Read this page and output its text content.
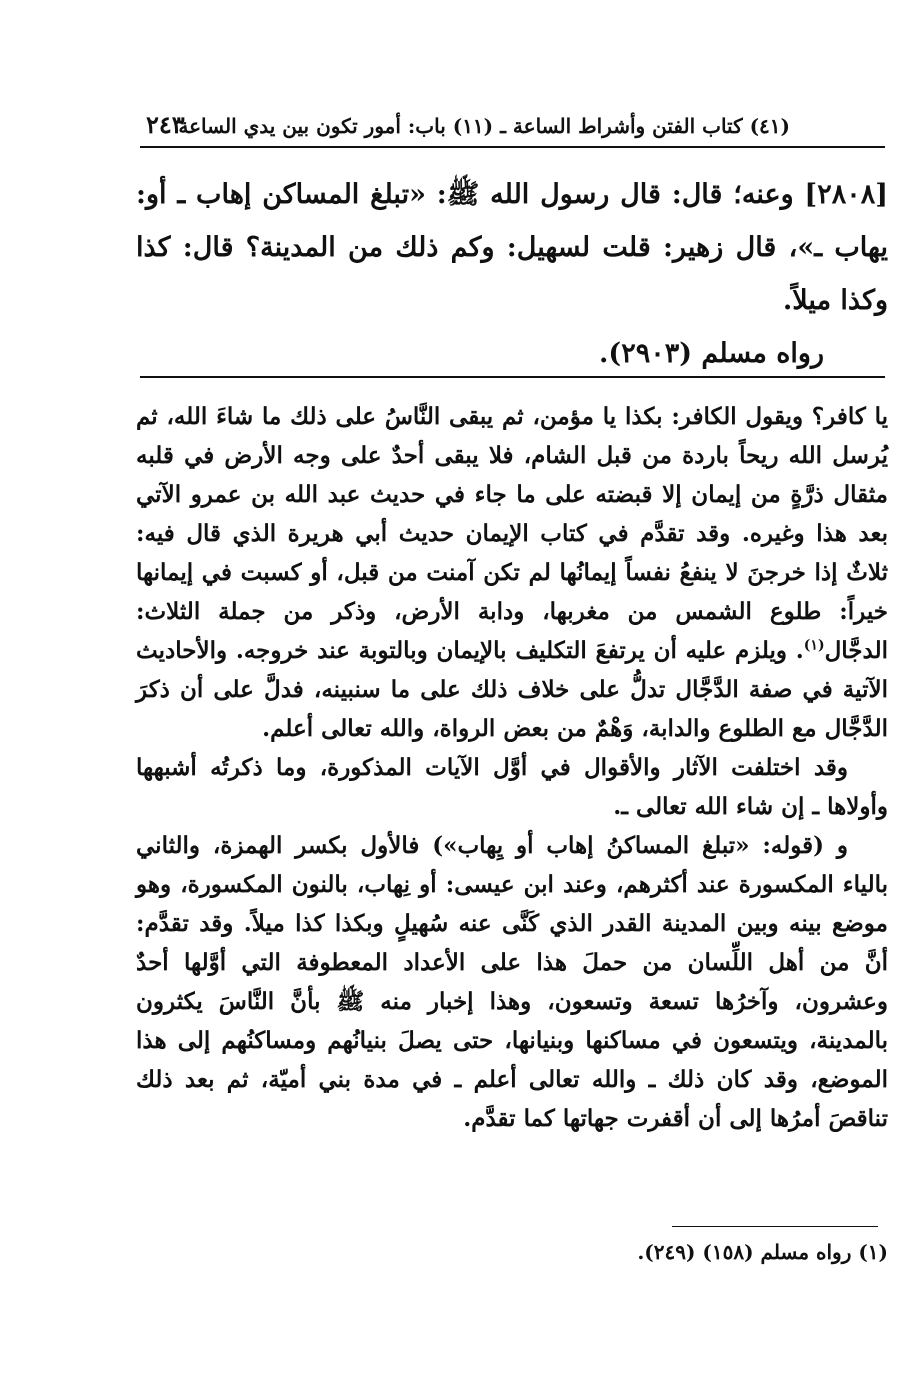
(٤١) كتاب الفتن وأشراط الساعة ـ (١١) باب: أمور تكون بين يدي الساعة
٢٤٣

[٢٨٠٨] وعنه؛ قال: قال رسول الله ﷺ: «تبلغ المساكن إهاب ـ أو: يهاب ـ»، قال زهير: قلت لسهيل: وكم ذلك من المدينة؟ قال: كذا وكذا ميلاً.

رواه مسلم (٢٩٠٣).

يا كافر؟ ويقول الكافر: بكذا يا مؤمن، ثم يبقى النَّاسُ على ذلك ما شاءَ الله، ثم يُرسل الله ريحاً باردة من قبل الشام، فلا يبقى أحدٌ على وجه الأرض في قلبه مثقال ذرَّةٍ من إيمان إلا قبضته على ما جاء في حديث عبد الله بن عمرو الآتي بعد هذا وغيره. وقد تقدَّم في كتاب الإيمان حديث أبي هريرة الذي قال فيه: ثلاثٌ إذا خرجنَ لا ينفعُ نفساً إيمانُها لم تكن آمنت من قبل، أو كسبت في إيمانها خيراً: طلوع الشمس من مغربها، ودابة الأرض، وذكر من جملة الثلاث: الدجَّال$^{(١)}$. ويلزم عليه أن يرتفعَ التكليف بالإيمان وبالتوبة عند خروجه. والأحاديث الآتية في صفة الدَّجَّال تدلُّ على خلاف ذلك على ما سنبينه، فدلَّ على أن ذكرَ الدَّجَّال مع الطلوع والدابة، وَهْمٌ من بعض الرواة، والله تعالى أعلم.

وقد اختلفت الآثار والأقوال في أوَّل الآيات المذكورة، وما ذكرتُه أشبهها وأولاها ـ إن شاء الله تعالى ـ.

و (قوله: «تبلغ المساكنُ إهاب أو يِهاب») فالأول بكسر الهمزة، والثاني بالياء المكسورة عند أكثرهم، وعند ابن عيسى: أو نِهاب، بالنون المكسورة، وهو موضع بينه وبين المدينة القدر الذي كَنَّى عنه سُهيلٍ وبكذا كذا ميلاً. وقد تقدَّم: أنَّ من أهل اللِّسان من حملَ هذا على الأعداد المعطوفة التي أوَّلها أحدٌ وعشرون، وآخرُها تسعة وتسعون، وهذا إخبار منه ﷺ بأنَّ النَّاسَ يكثرون بالمدينة، ويتسعون في مساكنها وبنيانها، حتى يصلَ بنيانُهم ومساكنُهم إلى هذا الموضع، وقد كان ذلك ـ والله تعالى أعلم ـ في مدة بني أميّة، ثم بعد ذلك تناقصَ أمرُها إلى أن أقفرت جهاتها كما تقدَّم.

(١) رواه مسلم (١٥٨) (٢٤٩).
